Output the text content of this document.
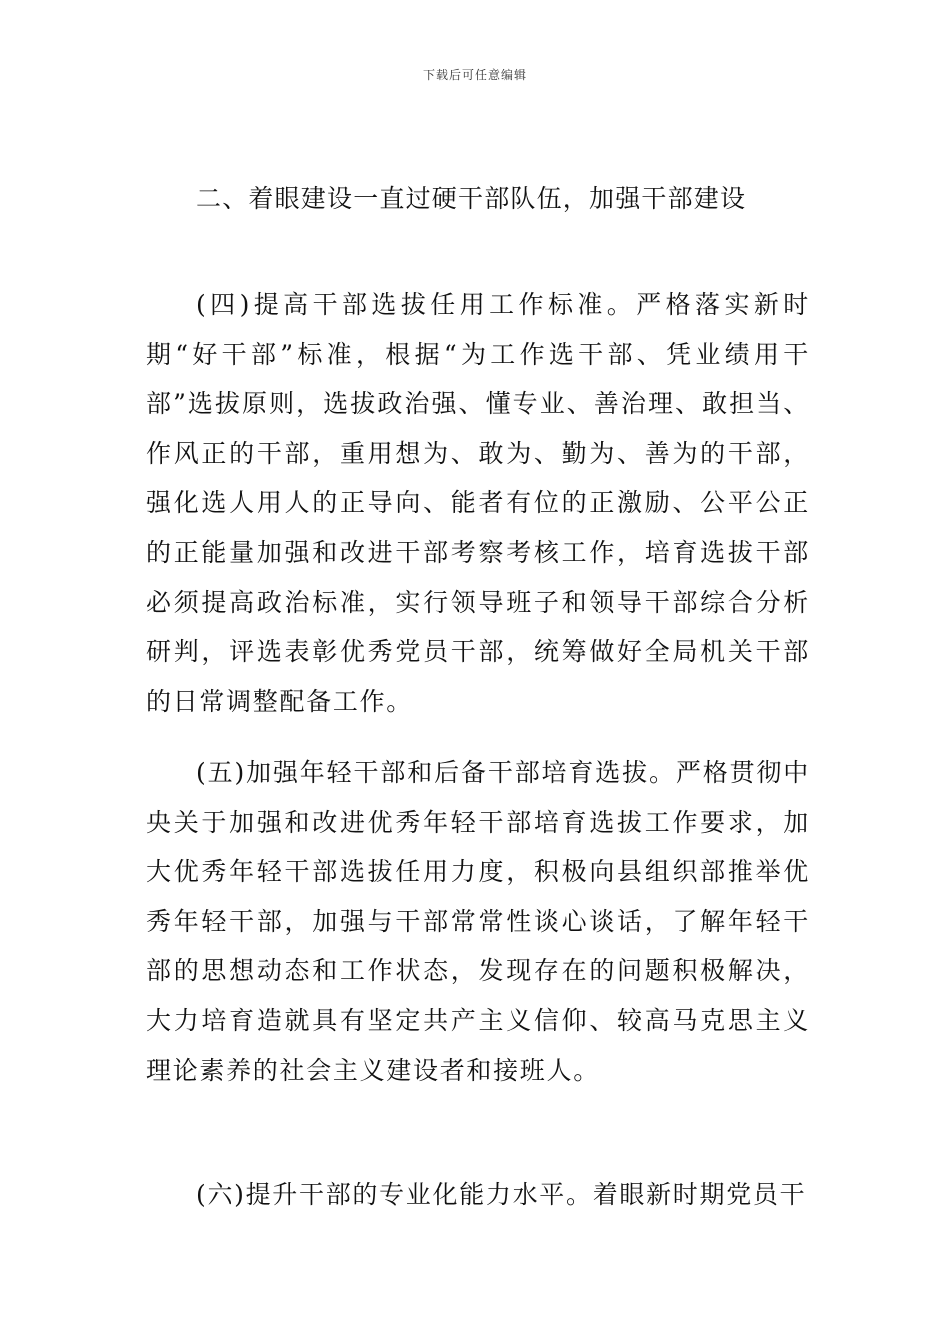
下载后可任意编辑
二、着眼建设一直过硬干部队伍，加强干部建设

(四)提高干部选拔任用工作标准。严格落实新时期“好干部”标准，根据“为工作选干部、凭业绩用干部”选拔原则，选拔政治强、懂专业、善治理、敢担当、作风正的干部，重用想为、敢为、勤为、善为的干部，强化选人用人的正导向、能者有位的正激励、公平公正的正能量加强和改进干部考察考核工作，培育选拔干部必须提高政治标准，实行领导班子和领导干部综合分析研判，评选表彰优秀党员干部，统筹做好全局机关干部的日常调整配备工作。

(五)加强年轻干部和后备干部培育选拔。严格贯彻中央关于加强和改进优秀年轻干部培育选拔工作要求，加大优秀年轻干部选拔任用力度，积极向县组织部推举优秀年轻干部，加强与干部常常性谈心谈话，了解年轻干部的思想动态和工作状态，发现存在的问题积极解决，大力培育造就具有坚定共产主义信仰、较高马克思主义理论素养的社会主义建设者和接班人。

(六)提升干部的专业化能力水平。着眼新时期党员干
